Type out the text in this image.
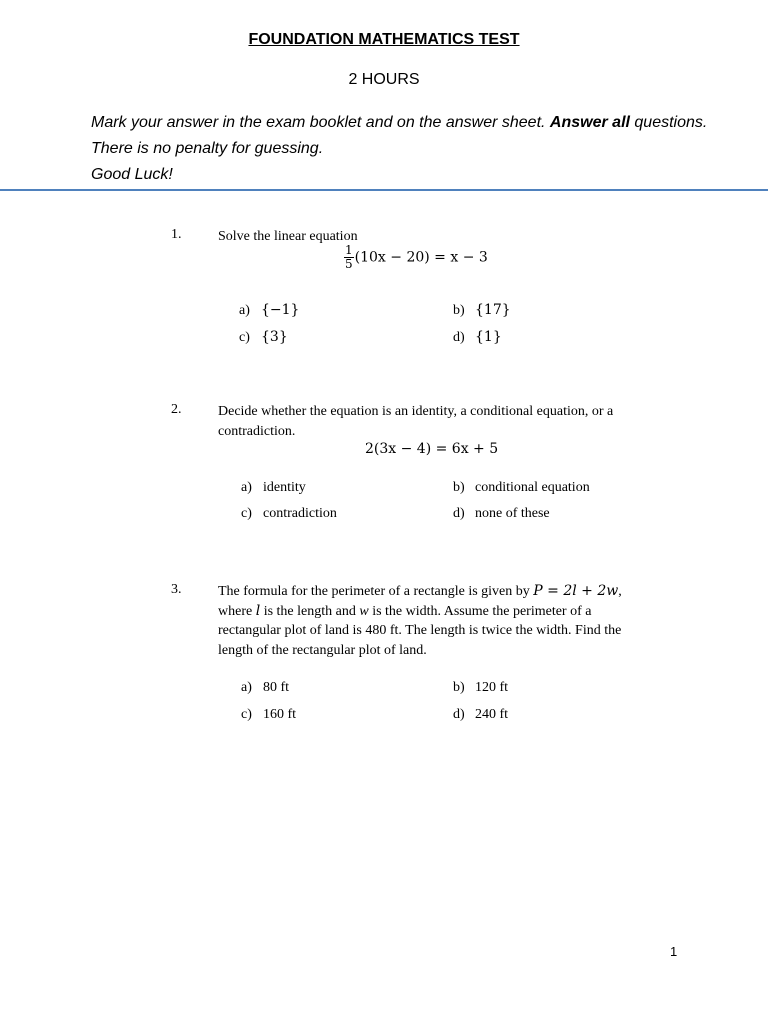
FOUNDATION MATHEMATICS TEST
2 HOURS
Mark your answer in the exam booklet and on the answer sheet. Answer all questions. There is no penalty for guessing.
Good Luck!
1.	Solve the linear equation
$\frac{1}{5} (10x - 20) = x - 3$
a) {−1}	b) {17}
c) {3}	d) {1}
2.	Decide whether the equation is an identity, a conditional equation, or a contradiction.
2(3x − 4) = 6x + 5
a) identity	b) conditional equation
c) contradiction	d) none of these
3.	The formula for the perimeter of a rectangle is given by P = 2l + 2w,
where l is the length and w is the width. Assume the perimeter of a
rectangular plot of land is 480 ft. The length is twice the width. Find the length of the rectangular plot of land.
a) 80 ft	b) 120 ft
c) 160 ft	d) 240 ft
1
